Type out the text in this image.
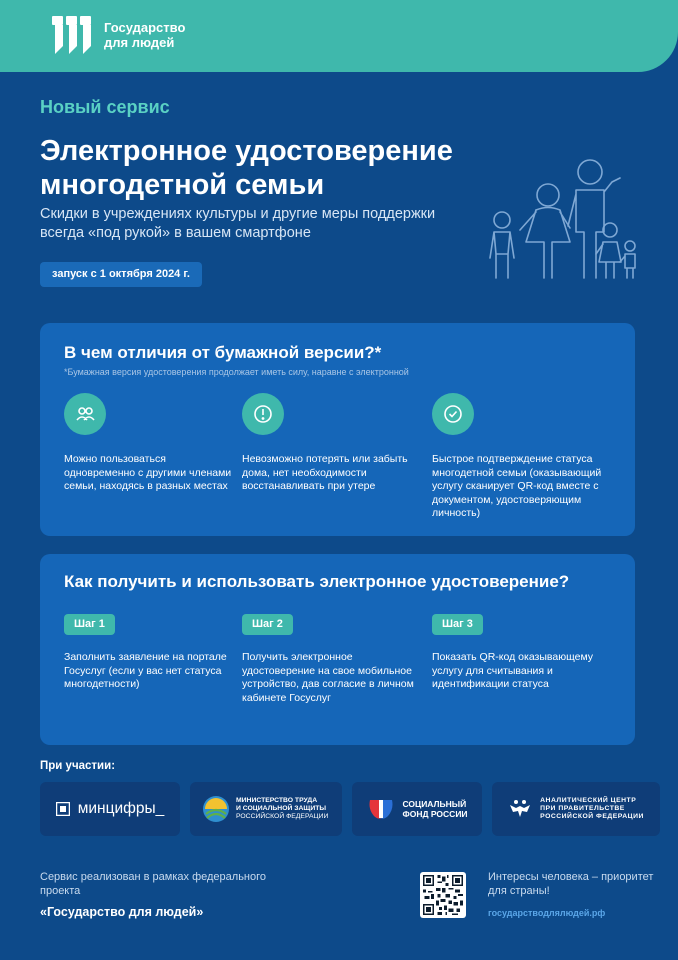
Государство
для людей
Новый сервис
Электронное удостоверение многодетной семьи
Скидки в учреждениях культуры и другие меры поддержки всегда «под рукой» в вашем смартфоне
запуск с 1 октября 2024 г.
В чем отличия от бумажной версии?*
*Бумажная версия удостоверения продолжает иметь силу, наравне с электронной
Можно пользоваться одновременно с другими членами семьи, находясь в разных местах
Невозможно потерять или забыть дома, нет необходимости восстанавливать при утере
Быстрое подтверждение статуса многодетной семьи (оказывающий услугу сканирует QR-код вместе с документом, удостоверяющим личность)
Как получить и использовать электронное удостоверение?
Шаг 1
Заполнить заявление на портале Госуслуг (если у вас нет статуса многодетности)
Шаг 2
Получить электронное удостоверение на свое мобильное устройство, дав согласие в личном кабинете Госуслуг
Шаг 3
Показать QR-код оказывающему услугу для считывания и идентификации статуса
При участии:
минцифры_	МИНИСТЕРСТВО ТРУДА
И СОЦИАЛЬНОЙ ЗАЩИТЫ
РОССИЙСКОЙ ФЕДЕРАЦИИ
СОЦИАЛЬНЫЙ
ФОНД РОССИИ
АНАЛИТИЧЕСКИЙ ЦЕНТР
ПРИ ПРАВИТЕЛЬСТВЕ
РОССИЙСКОЙ ФЕДЕРАЦИИ
Сервис реализован в рамках федерального проекта
«Государство для людей»
Интересы человека – приоритет для страны!
государстводлялюдей.рф
